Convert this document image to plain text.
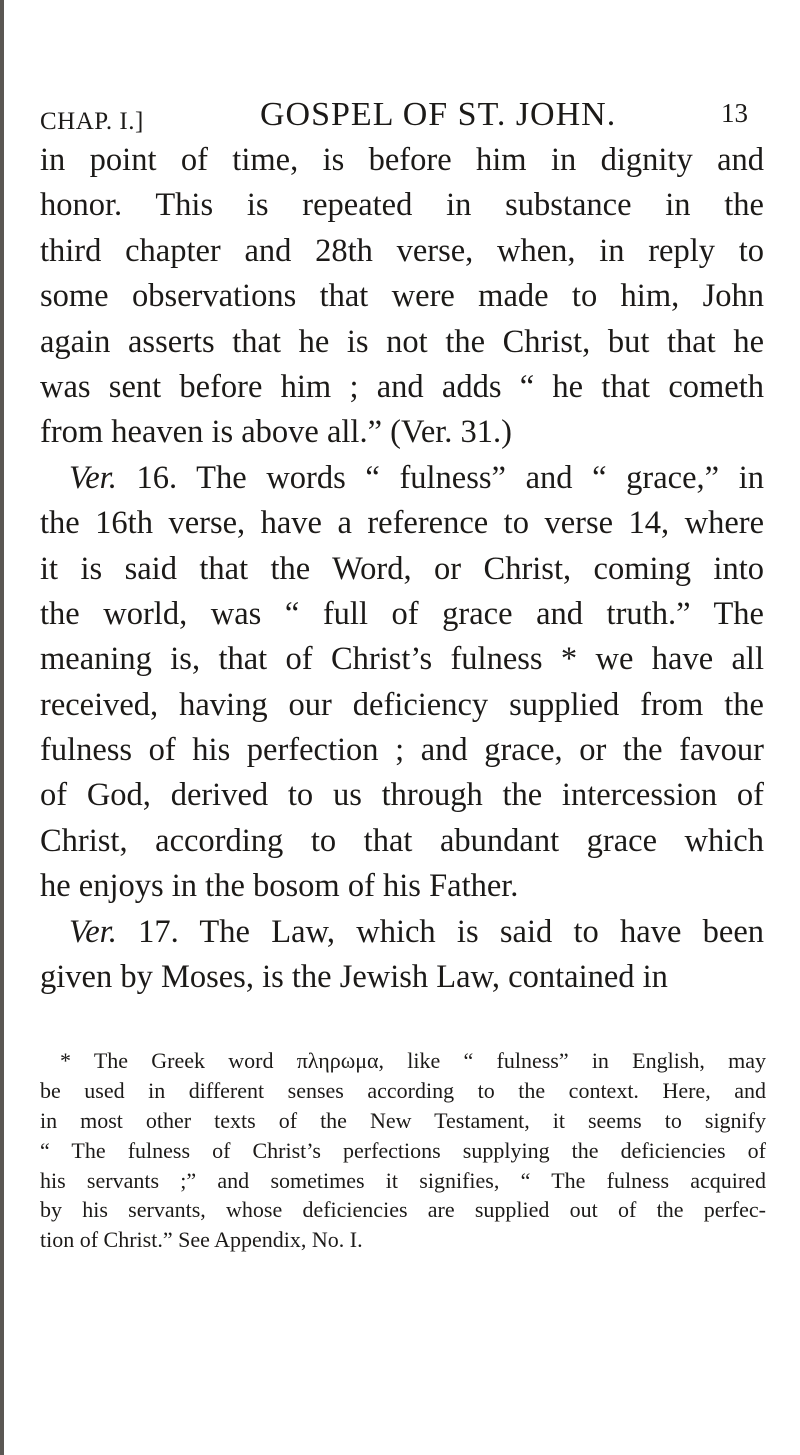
CHAP. I.]	GOSPEL OF ST. JOHN.	13
in point of time, is before him in dignity and
honor. This is repeated in substance in the
third chapter and 28th verse, when, in reply to
some observations that were made to him, John
again asserts that he is not the Christ, but that he
was sent before him ; and adds “ he that cometh
from heaven is above all.” (Ver. 31.)
Ver. 16. The words “ fulness” and “ grace,” in
the 16th verse, have a reference to verse 14, where
it is said that the Word, or Christ, coming into
the world, was “ full of grace and truth.” The
meaning is, that of Christ’s fulness * we have all
received, having our deficiency supplied from the
fulness of his perfection ; and grace, or the favour
of God, derived to us through the intercession of
Christ, according to that abundant grace which
he enjoys in the bosom of his Father.
Ver. 17. The Law, which is said to have been
given by Moses, is the Jewish Law, contained in
* The Greek word πληρωμα, like “ fulness” in English, may
be used in different senses according to the context. Here, and
in most other texts of the New Testament, it seems to signify
“ The fulness of Christ’s perfections supplying the deficiencies of
his servants ;” and sometimes it signifies, “ The fulness acquired
by his servants, whose deficiencies are supplied out of the perfec-
tion of Christ.” See Appendix, No. I.
